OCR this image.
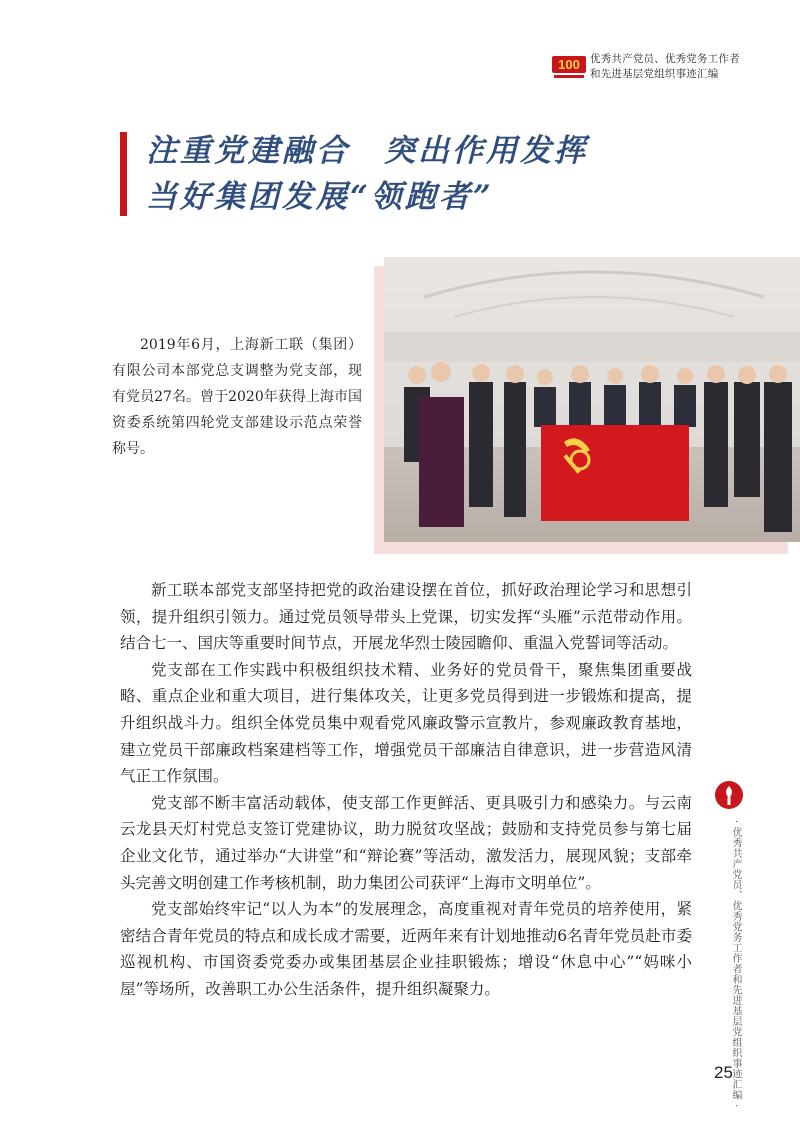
100 优秀共产党员、优秀党务工作者
和先进基层党组织事迹汇编
注重党建融合　突出作用发挥
当好集团发展“领跑者”
2019年6月，上海新工联（集团）有限公司本部党总支调整为党支部，现有党员27名。曾于2020年获得上海市国资委系统第四轮党支部建设示范点荣誉称号。

新工联本部党支部坚持把党的政治建设摆在首位，抓好政治理论学习和思想引领，提升组织引领力。通过党员领导带头上党课，切实发挥“头雁”示范带动作用。结合七一、国庆等重要时间节点，开展龙华烈士陵园瞻仰、重温入党誓词等活动。

党支部在工作实践中积极组织技术精、业务好的党员骨干，聚焦集团重要战略、重点企业和重大项目，进行集体攻关，让更多党员得到进一步锻炼和提高，提升组织战斗力。组织全体党员集中观看党风廉政警示宣教片，参观廉政教育基地，建立党员干部廉政档案建档等工作，增强党员干部廉洁自律意识，进一步营造风清气正工作氛围。

党支部不断丰富活动载体，使支部工作更鲜活、更具吸引力和感染力。与云南云龙县天灯村党总支签订党建协议，助力脱贫攻坚战；鼓励和支持党员参与第七届企业文化节，通过举办“大讲堂”和“辩论赛”等活动，激发活力，展现风貌；支部牵头完善文明创建工作考核机制，助力集团公司获评“上海市文明单位”。

党支部始终牢记“以人为本”的发展理念，高度重视对青年党员的培养使用，紧密结合青年党员的特点和成长成才需要，近两年来有计划地推动6名青年党员赴市委巡视机构、市国资委党委办或集团基层企业挂职锻炼；增设“休息中心”“妈咪小屋”等场所，改善职工办公生活条件，提升组织凝聚力。	· 优秀共产党员、优秀党务工作者和先进基层党组织事迹汇编 ·
25
